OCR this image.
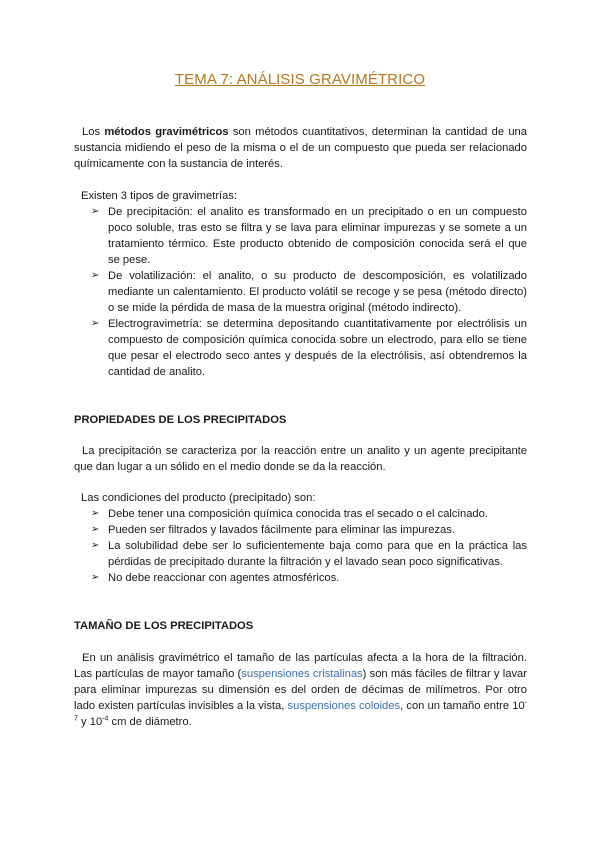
TEMA 7: ANÁLISIS GRAVIMÉTRICO
Los métodos gravimétricos son métodos cuantitativos, determinan la cantidad de una sustancia midiendo el peso de la misma o el de un compuesto que pueda ser relacionado químicamente con la sustancia de interés.
Existen 3 tipos de gravimetrías:
➢ De precipitación: el analito es transformado en un precipitado o en un compuesto poco soluble, tras esto se filtra y se lava para eliminar impurezas y se somete a un tratamiento térmico. Este producto obtenido de composición conocida será el que se pese.
➢ De volatilización: el analito, o su producto de descomposición, es volatilizado mediante un calentamiento. El producto volátil se recoge y se pesa (método directo) o se mide la pérdida de masa de la muestra original (método indirecto).
➢ Electrogravimetría: se determina depositando cuantitativamente por electrólisis un compuesto de composición química conocida sobre un electrodo, para ello se tiene que pesar el electrodo seco antes y después de la electrólisis, así obtendremos la cantidad de analito.
PROPIEDADES DE LOS PRECIPITADOS
La precipitación se caracteriza por la reacción entre un analito y un agente precipitante que dan lugar a un sólido en el medio donde se da la reacción.
Las condiciones del producto (precipitado) son:
➢ Debe tener una composición química conocida tras el secado o el calcinado.
➢ Pueden ser filtrados y lavados fácilmente para eliminar las impurezas.
➢ La solubilidad debe ser lo suficientemente baja como para que en la práctica las pérdidas de precipitado durante la filtración y el lavado sean poco significativas.
➢ No debe reaccionar con agentes atmosféricos.
TAMAÑO DE LOS PRECIPITADOS
En un análisis gravimétrico el tamaño de las partículas afecta a la hora de la filtración. Las partículas de mayor tamaño (suspensiones cristalinas) son más fáciles de filtrar y lavar para eliminar impurezas su dimensión es del orden de décimas de milímetros. Por otro lado existen partículas invisibles a la vista, suspensiones coloides, con un tamaño entre $10^{-7}$ y $10^{-4}$ cm de diámetro.
